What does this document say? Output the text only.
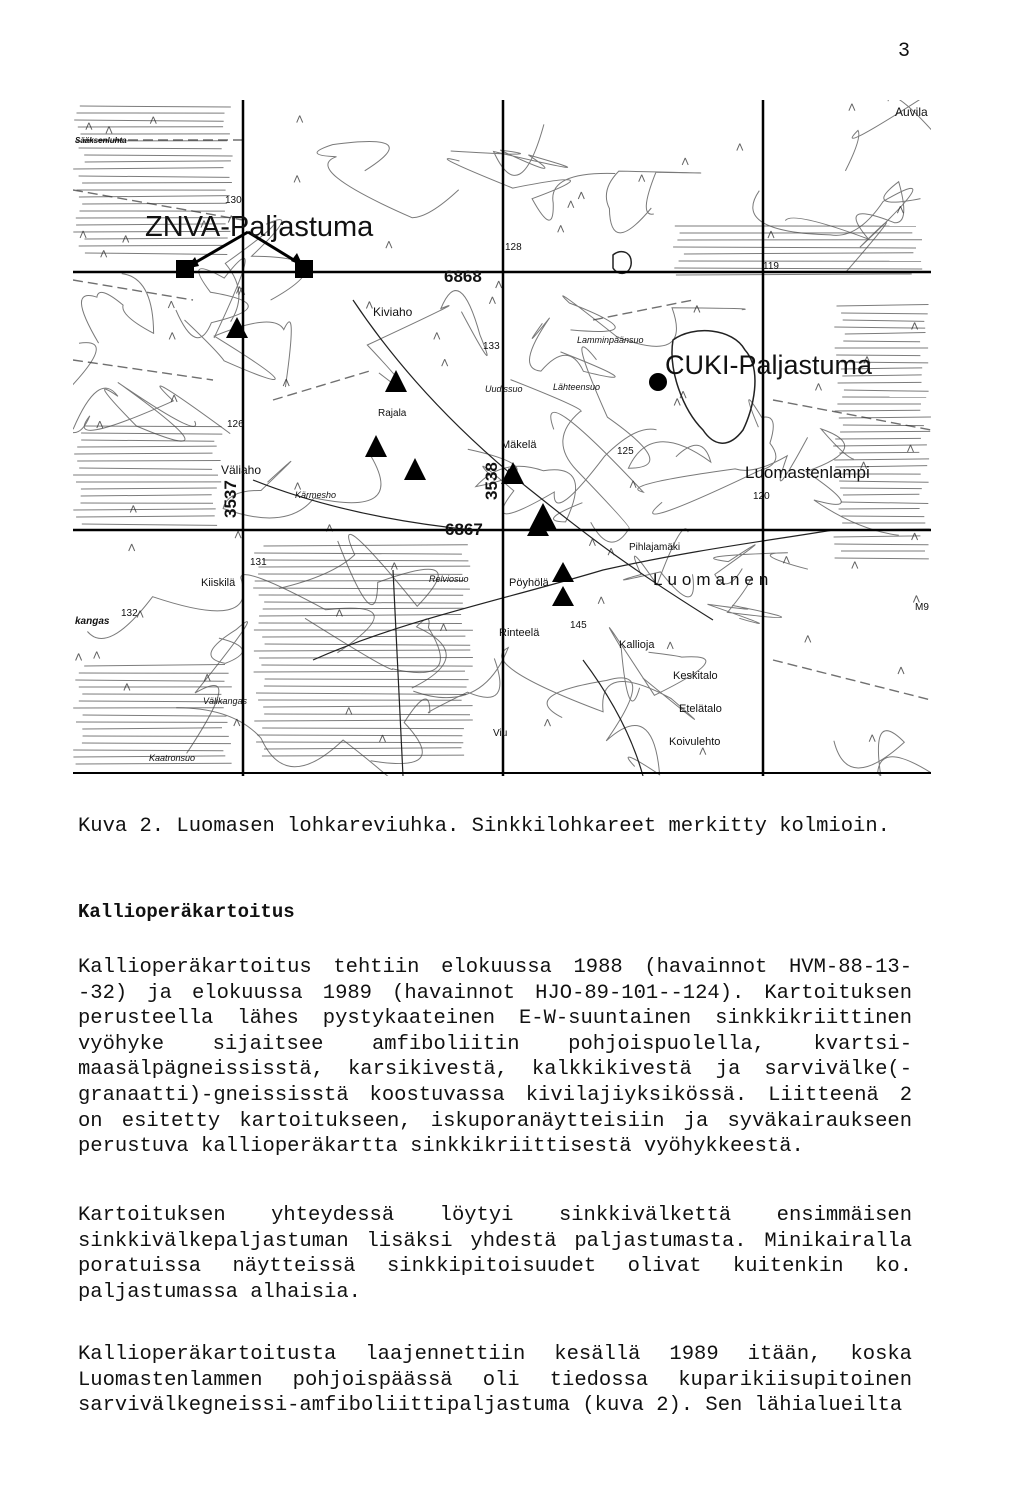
3
ZNVA-Paljastuma
CUKI-Paljastuma
6868
6867
3537	3538
Auvila
Kiviaho
Lamminpäänsuo
Uudissuo	Lähteensuo
Rajala
Mäkelä
Luomastenlampi
Väliaho
Kärmesho
Pihlajamäki
Luomanen
Kiiskilä
kangas
Relviosuo	Pöyhölä
Rinteelä
Kallioja
Keskitalo
Etelätalo
Koivulehto
Välikangas
Kaatronsuo
Viu
Sääksenluhta
130
128
133
126
125
131
132
145
119
120
M9
Kuva 2. Luomasen lohkareviuhka. Sinkkilohkareet merkitty kolmioin.
Kallioperäkartoitus
Kallioperäkartoitus tehtiin elokuussa 1988 (havainnot HVM-88-13--32) ja elokuussa 1989 (havainnot HJO-89-101--124). Kartoituksen perusteella lähes pystykaateinen E-W-suuntainen sinkkikriittinen vyöhyke sijaitsee amfiboliitin pohjoispuolella, kvartsi-maasälpägneississtä, karsikivestä, kalkkikivestä ja sarvivälke(-granaatti)-gneississtä koostuvassa kivilajiyksikössä. Liitteenä 2 on esitetty kartoitukseen, iskuporanäytteisiin ja syväkairaukseen perustuva kallioperäkartta sinkkikriittisestä vyöhykkeestä.
Kartoituksen yhteydessä löytyi sinkkivälkettä ensimmäisen sinkkivälkepaljastuman lisäksi yhdestä paljastumasta. Minikairalla poratuissa näytteissä sinkkipitoisuudet olivat kuitenkin ko. paljastumassa alhaisia.
Kallioperäkartoitusta laajennettiin kesällä 1989 itään, koska Luomastenlammen pohjoispäässä oli tiedossa kuparikiisupitoinen sarvivälkegneissi-amfiboliittipaljastuma (kuva 2). Sen lähialueilta
